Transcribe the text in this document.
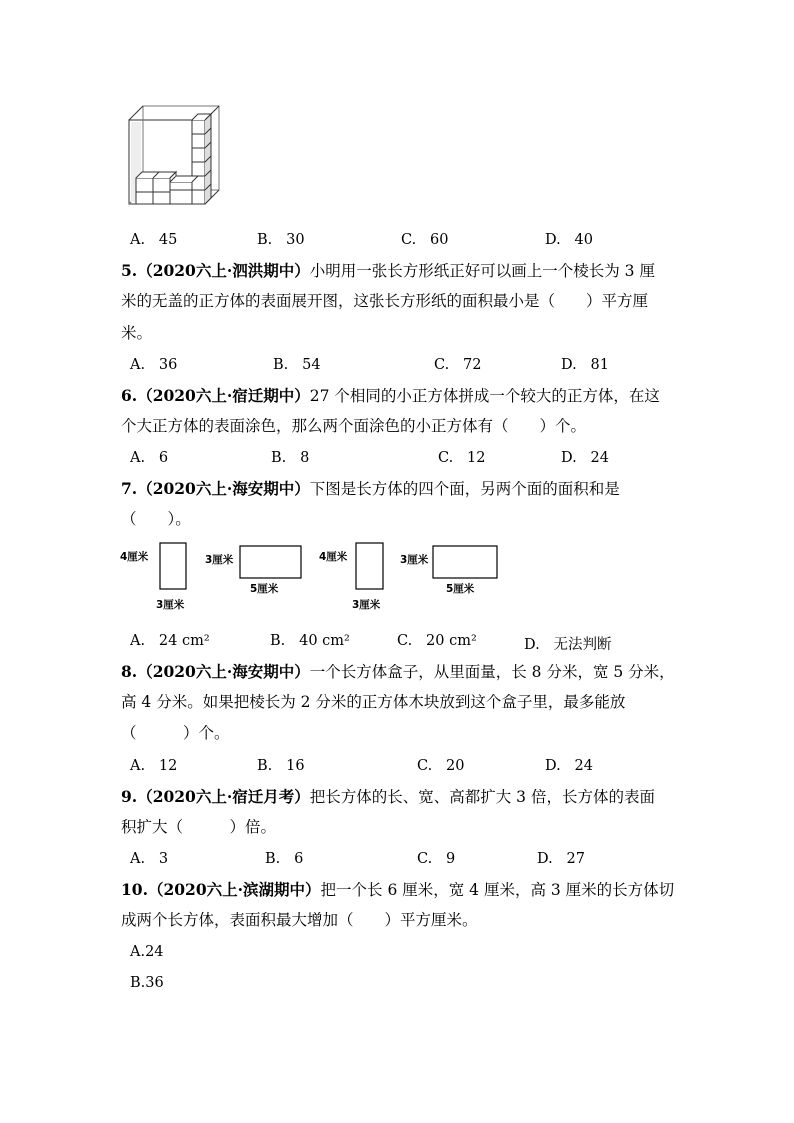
A. 45	B. 30	C. 60	D. 40
5.（2020六上·泗洪期中）小明用一张长方形纸正好可以画上一个棱长为 3 厘
米的无盖的正方体的表面展开图，这张长方形纸的面积最小是（　　）平方厘
米。
A. 36	B. 54	C. 72	D. 81
6.（2020六上·宿迁期中）27 个相同的小正方体拼成一个较大的正方体，在这
个大正方体的表面涂色，那么两个面涂色的小正方体有（　　）个。
A. 6	B. 8	C. 12	D. 24
7.（2020六上·海安期中）下图是长方体的四个面，另两个面的面积和是
（　　）。
4厘米
3厘米
3厘米
5厘米
4厘米
3厘米
3厘米
5厘米
A. 24 cm²	B. 40 cm²	C. 20 cm²	D. 无法判断
8.（2020六上·海安期中）一个长方体盒子，从里面量，长 8 分米，宽 5 分米，
高 4 分米。如果把棱长为 2 分米的正方体木块放到这个盒子里，最多能放
（　　　）个。
A. 12	B. 16	C. 20	D. 24
9.（2020六上·宿迁月考）把长方体的长、宽、高都扩大 3 倍，长方体的表面
积扩大（　　　）倍。
A. 3	B. 6	C. 9	D. 27
10.（2020六上·滨湖期中）把一个长 6 厘米，宽 4 厘米，高 3 厘米的长方体切
成两个长方体，表面积最大增加（　　）平方厘米。
A.24
B.36
